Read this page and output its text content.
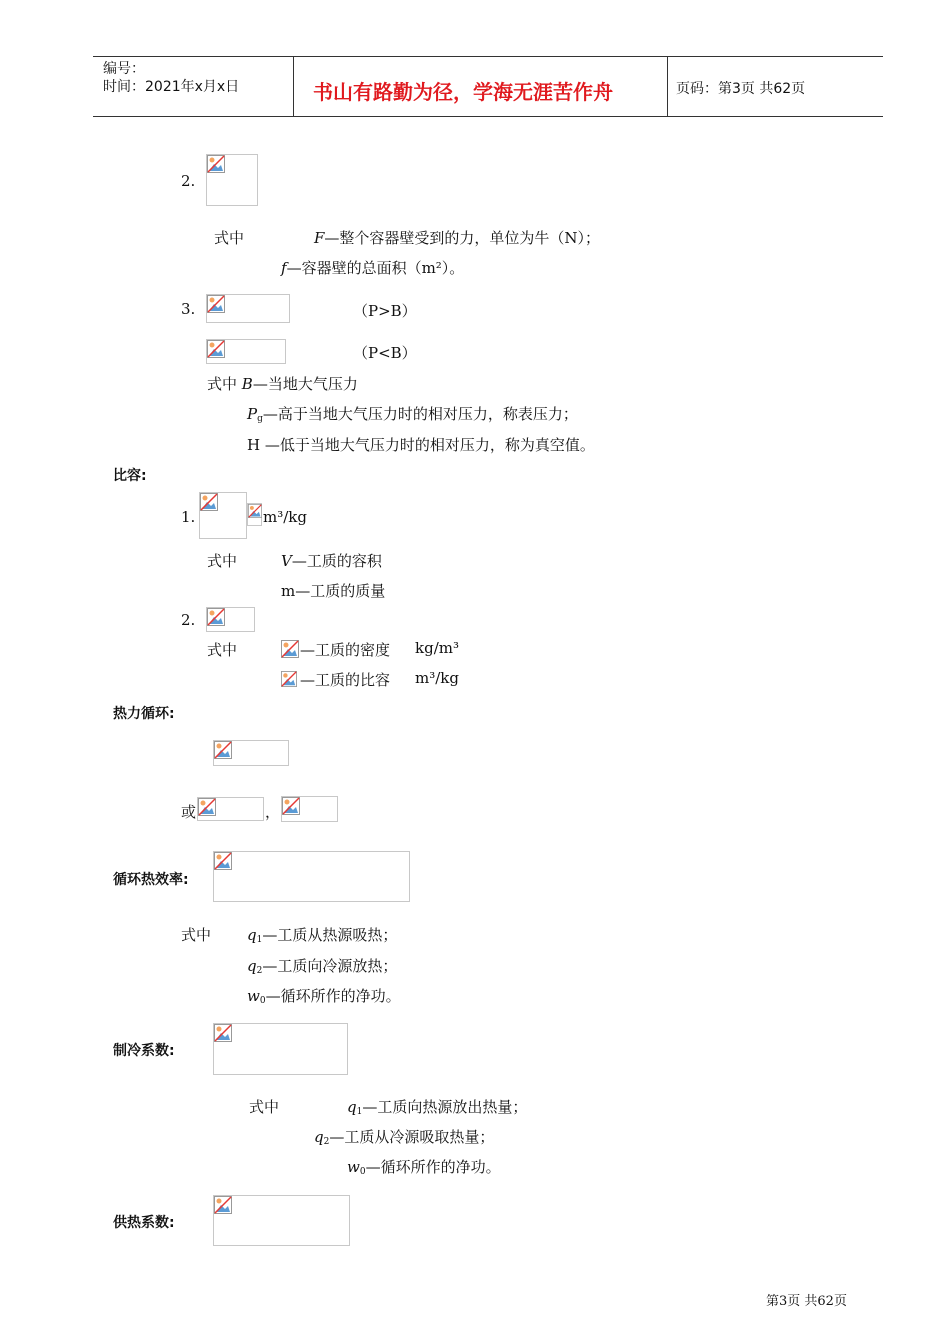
编号：
时间：2021年x月x日	书山有路勤为径，学海无涯苦作舟	页码：第3页 共62页
2.
式中	F—整个容器壁受到的力，单位为牛（N）；
f—容器壁的总面积（m²）。
3.	（P>B）
（P<B）
式中 B—当地大气压力
$P_g—$高于当地大气压力时的相对压力，称表压力；
H —低于当地大气压力时的相对压力，称为真空值。
比容:
1.	m³/kg
式中	V—工质的容积
m—工质的质量
2.
式中	—工质的密度 kg/m³
—工质的比容 m³/kg
热力循环:
或	，
循环热效率:
式中 $q_1—$工质从热源吸热；
$q_2—$工质向冷源放热；
$w_0—$循环所作的净功。
制冷系数:
式中	$q_1—$工质向热源放出热量；
$q_2—$工质从冷源吸取热量；
$w_0—$循环所作的净功。
供热系数:
第3页 共62页
